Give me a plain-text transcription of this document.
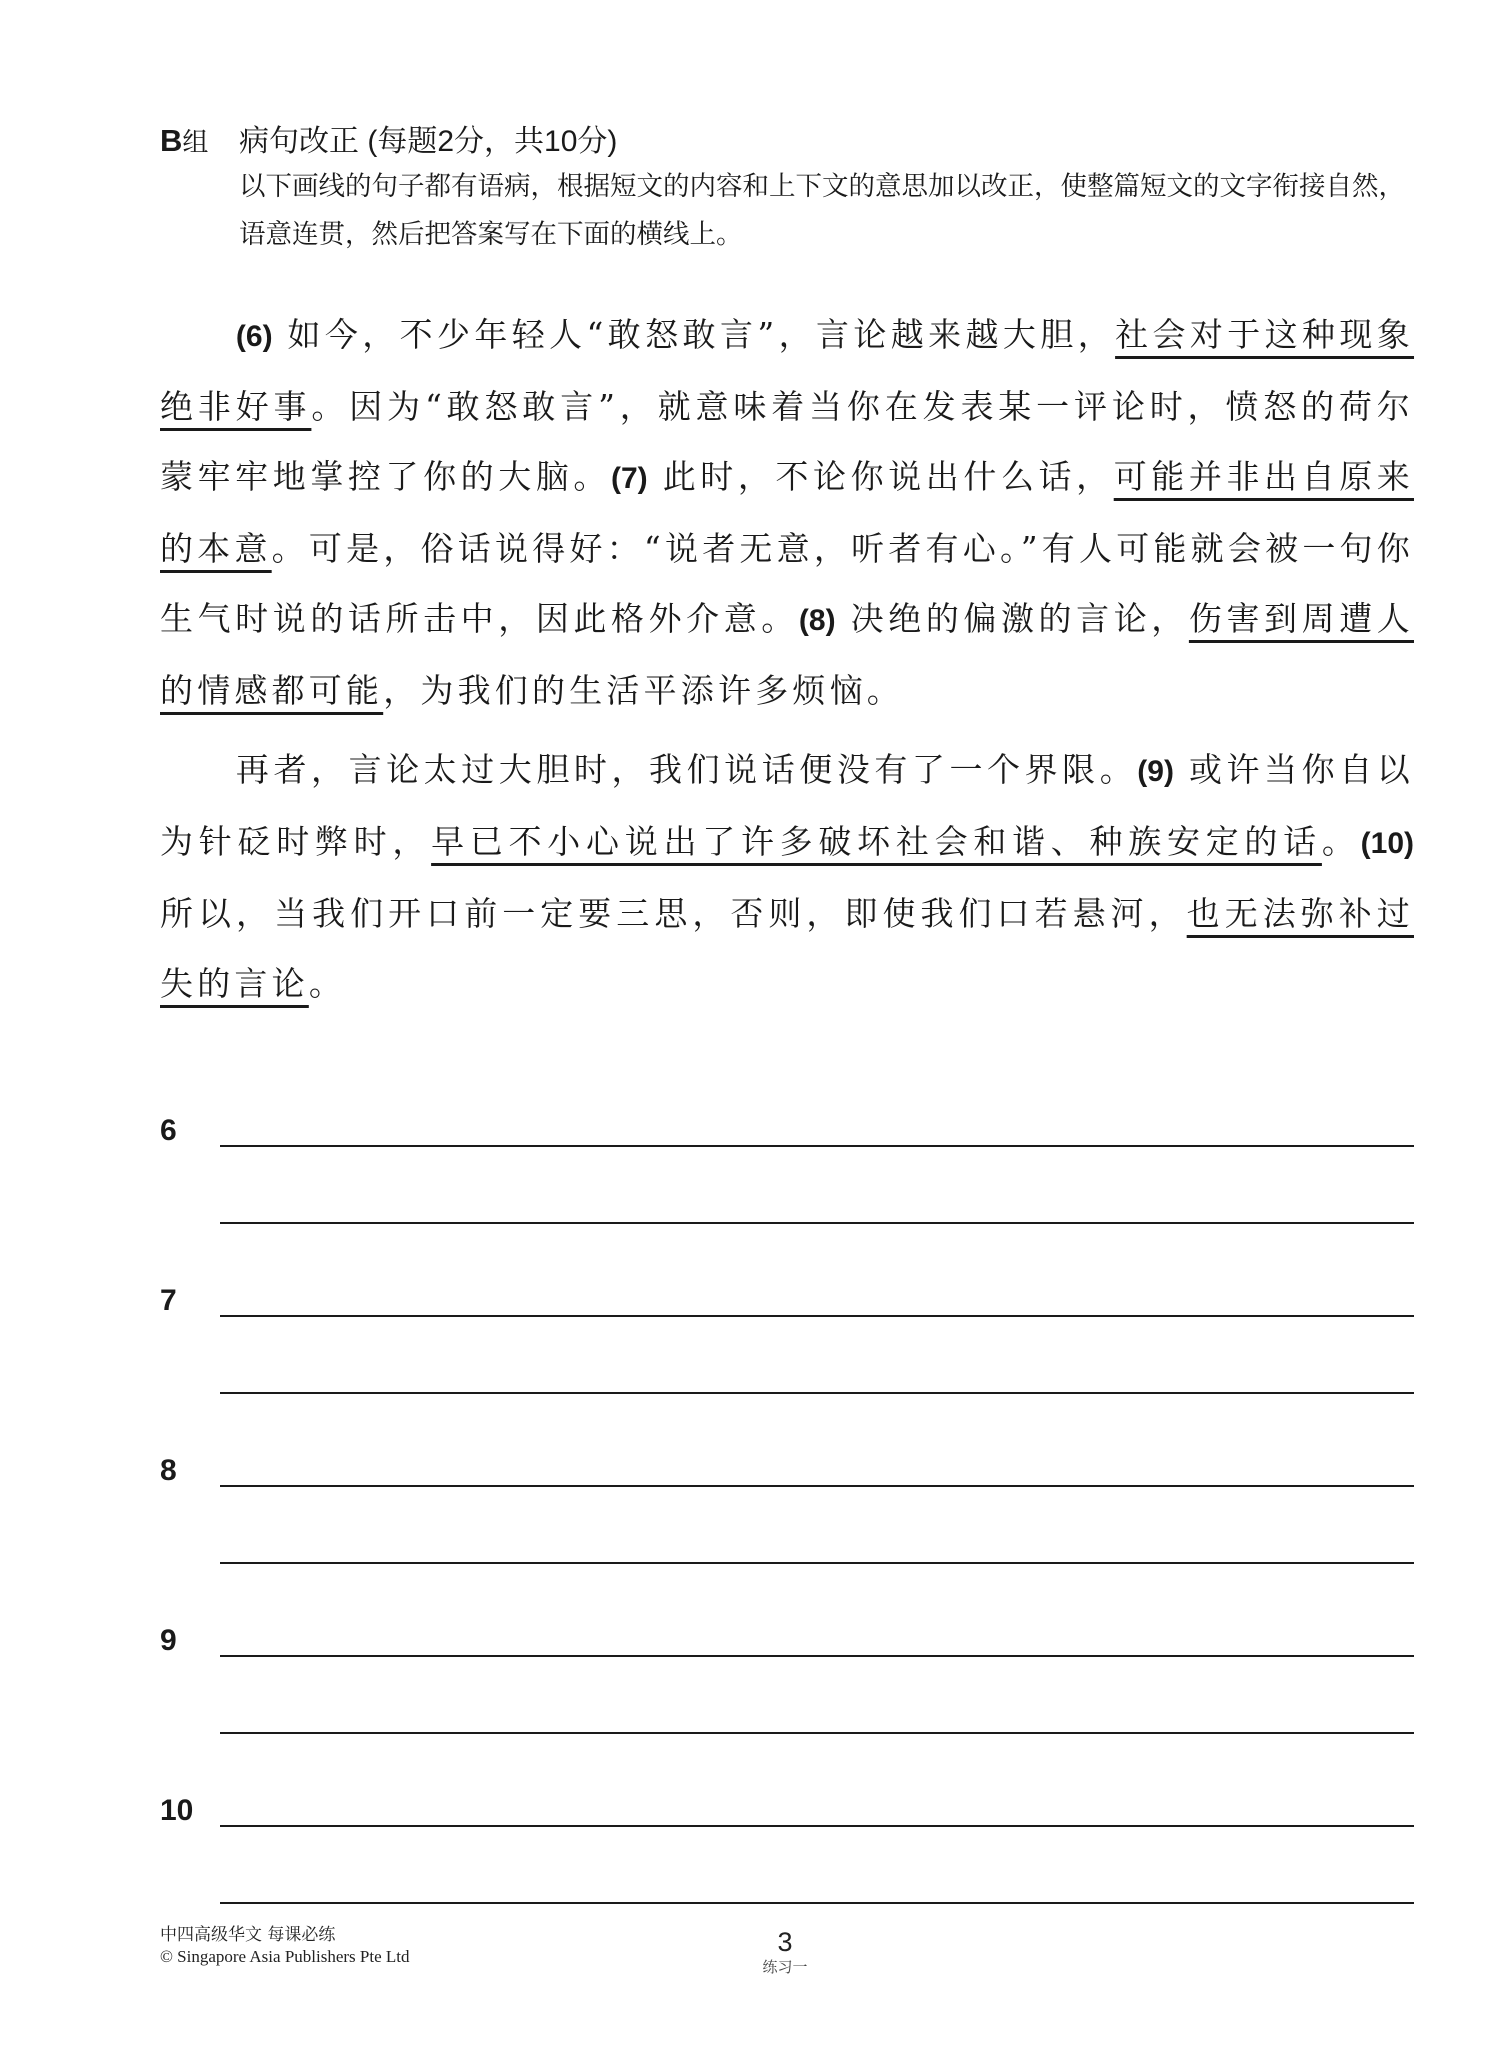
B组	病句改正 (每题2分，共10分)
以下画线的句子都有语病，根据短文的内容和上下文的意思加以改正，使整篇短文的文字衔接自然，语意连贯，然后把答案写在下面的横线上。

(6) 如今，不少年轻人“敢怒敢言”，言论越来越大胆，社会对于这种现象绝非好事。因为“敢怒敢言”，就意味着当你在发表某一评论时，愤怒的荷尔蒙牢牢地掌控了你的大脑。(7) 此时，不论你说出什么话，可能并非出自原来的本意。可是，俗话说得好：“说者无意，听者有心。”有人可能就会被一句你生气时说的话所击中，因此格外介意。(8) 决绝的偏激的言论，伤害到周遭人的情感都可能，为我们的生活平添许多烦恼。

再者，言论太过大胆时，我们说话便没有了一个界限。(9) 或许当你自以为针砭时弊时，早已不小心说出了许多破坏社会和谐、种族安定的话。(10) 所以，当我们开口前一定要三思，否则，即使我们口若悬河，也无法弥补过失的言论。

6
7
8
9
10
中四高级华文 每课必练
© Singapore Asia Publishers Pte Ltd	3
练习一
